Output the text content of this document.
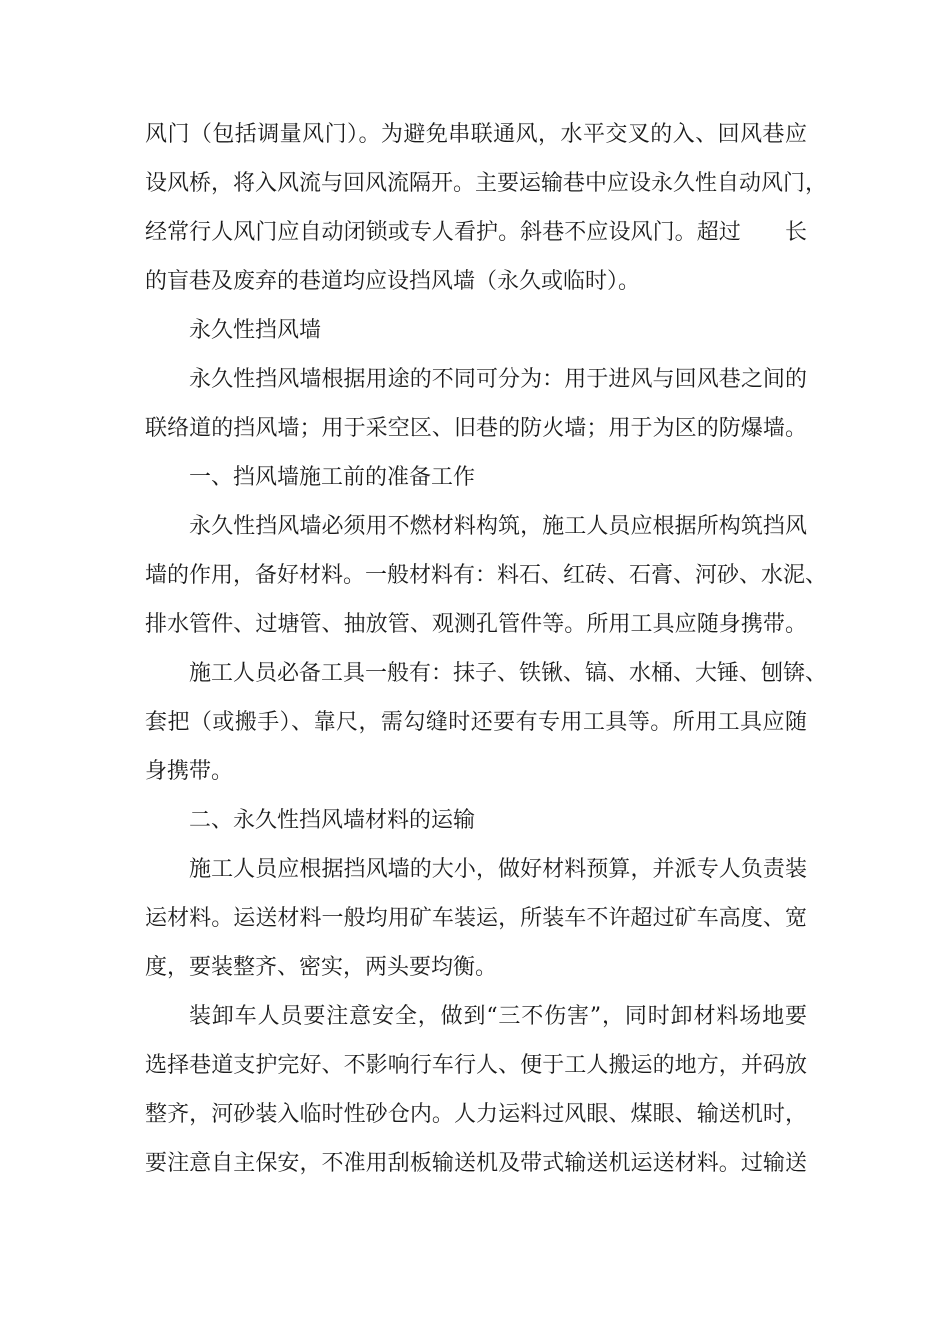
风门（包括调量风门）。为避免串联通风，水平交叉的入、回风巷应
设风桥，将入风流与回风流隔开。主要运输巷中应设永久性自动风门，
经常行人风门应自动闭锁或专人看护。斜巷不应设风门。超过　　长
的盲巷及废弃的巷道均应设挡风墙（永久或临时）。
永久性挡风墙
永久性挡风墙根据用途的不同可分为：用于进风与回风巷之间的
联络道的挡风墙；用于采空区、旧巷的防火墙；用于为区的防爆墙。
一、挡风墙施工前的准备工作
永久性挡风墙必须用不燃材料构筑，施工人员应根据所构筑挡风
墙的作用，备好材料。一般材料有：料石、红砖、石膏、河砂、水泥、
排水管件、过塘管、抽放管、观测孔管件等。所用工具应随身携带。
施工人员必备工具一般有：抹子、铁锹、镐、水桶、大锤、刨锛、
套把（或搬手）、靠尺，需勾缝时还要有专用工具等。所用工具应随
身携带。
二、永久性挡风墙材料的运输
施工人员应根据挡风墙的大小，做好材料预算，并派专人负责装
运材料。运送材料一般均用矿车装运，所装车不许超过矿车高度、宽
度，要装整齐、密实，两头要均衡。
装卸车人员要注意安全，做到“三不伤害”，同时卸材料场地要
选择巷道支护完好、不影响行车行人、便于工人搬运的地方，并码放
整齐，河砂装入临时性砂仓内。人力运料过风眼、煤眼、输送机时，
要注意自主保安，不准用刮板输送机及带式输送机运送材料。过输送
